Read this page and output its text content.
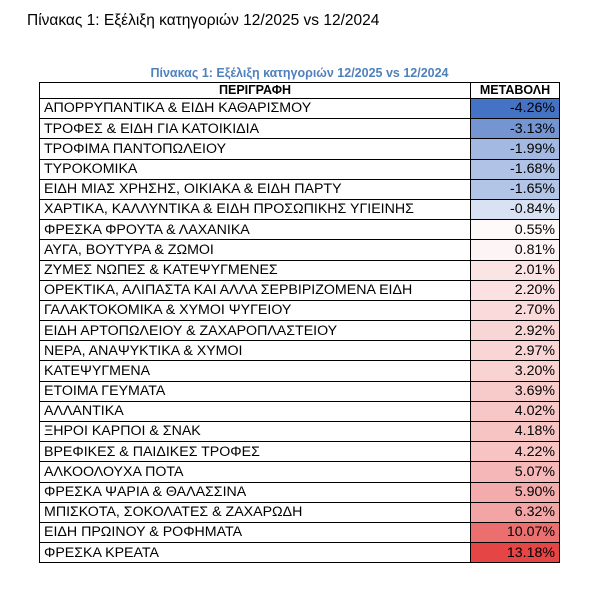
Πίνακας 1: Εξέλιξη κατηγοριών 12/2025 vs 12/2024
Πίνακας 1: Εξέλιξη κατηγοριών 12/2025 vs 12/2024
ΠΕΡΙΓΡΑΦΗ	ΜΕΤΑΒΟΛΗ
ΑΠΟΡΡΥΠΑΝΤΙΚΑ & ΕΙΔΗ ΚΑΘΑΡΙΣΜΟΥ	-4.26%
ΤΡΟΦΕΣ & ΕΙΔΗ ΓΙΑ ΚΑΤΟΙΚΙΔΙΑ	-3.13%
ΤΡΟΦΙΜΑ ΠΑΝΤΟΠΩΛΕΙΟΥ	-1.99%
ΤΥΡΟΚΟΜΙΚΑ	-1.68%
ΕΙΔΗ ΜΙΑΣ ΧΡΗΣΗΣ, ΟΙΚΙΑΚΑ & ΕΙΔΗ ΠΑΡΤΥ	-1.65%
ΧΑΡΤΙΚΑ, ΚΑΛΛΥΝΤΙΚΑ & ΕΙΔΗ ΠΡΟΣΩΠΙΚΗΣ ΥΓΙΕΙΝΗΣ	-0.84%
ΦΡΕΣΚΑ ΦΡΟΥΤΑ & ΛΑΧΑΝΙΚΑ	0.55%
ΑΥΓΑ, ΒΟΥΤΥΡΑ & ΖΩΜΟΙ	0.81%
ΖΥΜΕΣ ΝΩΠΕΣ & ΚΑΤΕΨΥΓΜΕΝΕΣ	2.01%
ΟΡΕΚΤΙΚΑ, ΑΛΙΠΑΣΤΑ ΚΑΙ ΑΛΛΑ ΣΕΡΒΙΡΙΖΟΜΕΝΑ ΕΙΔΗ	2.20%
ΓΑΛΑΚΤΟΚΟΜΙΚΑ & ΧΥΜΟΙ ΨΥΓΕΙΟΥ	2.70%
ΕΙΔΗ ΑΡΤΟΠΩΛΕΙΟΥ & ΖΑΧΑΡΟΠΛΑΣΤΕΙΟΥ	2.92%
ΝΕΡΑ, ΑΝΑΨΥΚΤΙΚΑ & ΧΥΜΟΙ	2.97%
ΚΑΤΕΨΥΓΜΕΝΑ	3.20%
ΕΤΟΙΜΑ ΓΕΥΜΑΤΑ	3.69%
ΑΛΛΑΝΤΙΚΑ	4.02%
ΞΗΡΟΙ ΚΑΡΠΟΙ & ΣΝΑΚ	4.18%
ΒΡΕΦΙΚΕΣ & ΠΑΙΔΙΚΕΣ ΤΡΟΦΕΣ	4.22%
ΑΛΚΟΟΛΟΥΧΑ ΠΟΤΑ	5.07%
ΦΡΕΣΚΑ ΨΑΡΙΑ & ΘΑΛΑΣΣΙΝΑ	5.90%
ΜΠΙΣΚΟΤΑ, ΣΟΚΟΛΑΤΕΣ & ΖΑΧΑΡΩΔΗ	6.32%
ΕΙΔΗ ΠΡΩΙΝΟΥ & ΡΟΦΗΜΑΤΑ	10.07%
ΦΡΕΣΚΑ ΚΡΕΑΤΑ	13.18%
